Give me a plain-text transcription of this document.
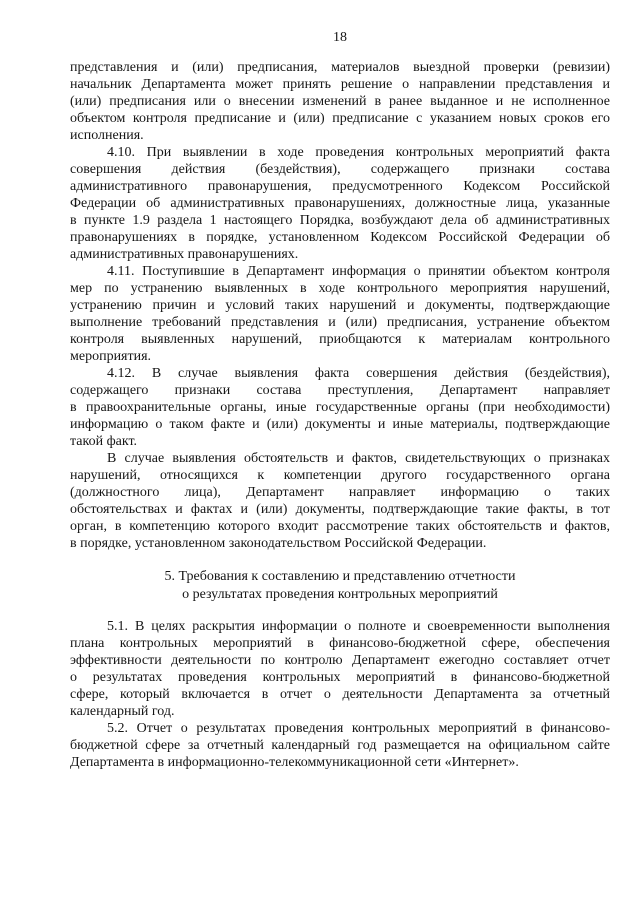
18
представления и (или) предписания, материалов выездной проверки (ревизии)
начальник Департамента может принять решение о направлении представления и
(или) предписания или о внесении изменений в ранее выданное и не исполненное
объектом контроля предписание и (или) предписание с указанием новых сроков его
исполнения.
4.10. При выявлении в ходе проведения контрольных мероприятий факта
совершения действия (бездействия), содержащего признаки состава
административного правонарушения, предусмотренного Кодексом Российской
Федерации об административных правонарушениях, должностные лица, указанные
в пункте 1.9 раздела 1 настоящего Порядка, возбуждают дела об административных
правонарушениях в порядке, установленном Кодексом Российской Федерации об
административных правонарушениях.
4.11. Поступившие в Департамент информация о принятии объектом контроля
мер по устранению выявленных в ходе контрольного мероприятия нарушений,
устранению причин и условий таких нарушений и документы, подтверждающие
выполнение требований представления и (или) предписания, устранение объектом
контроля выявленных нарушений, приобщаются к материалам контрольного
мероприятия.
4.12. В случае выявления факта совершения действия (бездействия),
содержащего признаки состава преступления, Департамент направляет
в правоохранительные органы, иные государственные органы (при необходимости)
информацию о таком факте и (или) документы и иные материалы, подтверждающие
такой факт.
В случае выявления обстоятельств и фактов, свидетельствующих о признаках
нарушений, относящихся к компетенции другого государственного органа
(должностного лица), Департамент направляет информацию о таких
обстоятельствах и фактах и (или) документы, подтверждающие такие факты, в тот
орган, в компетенцию которого входит рассмотрение таких обстоятельств и фактов,
в порядке, установленном законодательством Российской Федерации.
5. Требования к составлению и представлению отчетности
о результатах проведения контрольных мероприятий
5.1. В целях раскрытия информации о полноте и своевременности выполнения
плана контрольных мероприятий в финансово-бюджетной сфере, обеспечения
эффективности деятельности по контролю Департамент ежегодно составляет отчет
о результатах проведения контрольных мероприятий в финансово-бюджетной
сфере, который включается в отчет о деятельности Департамента за отчетный
календарный год.
5.2. Отчет о результатах проведения контрольных мероприятий в финансово-
бюджетной сфере за отчетный календарный год размещается на официальном сайте
Департамента в информационно-телекоммуникационной сети «Интернет».
